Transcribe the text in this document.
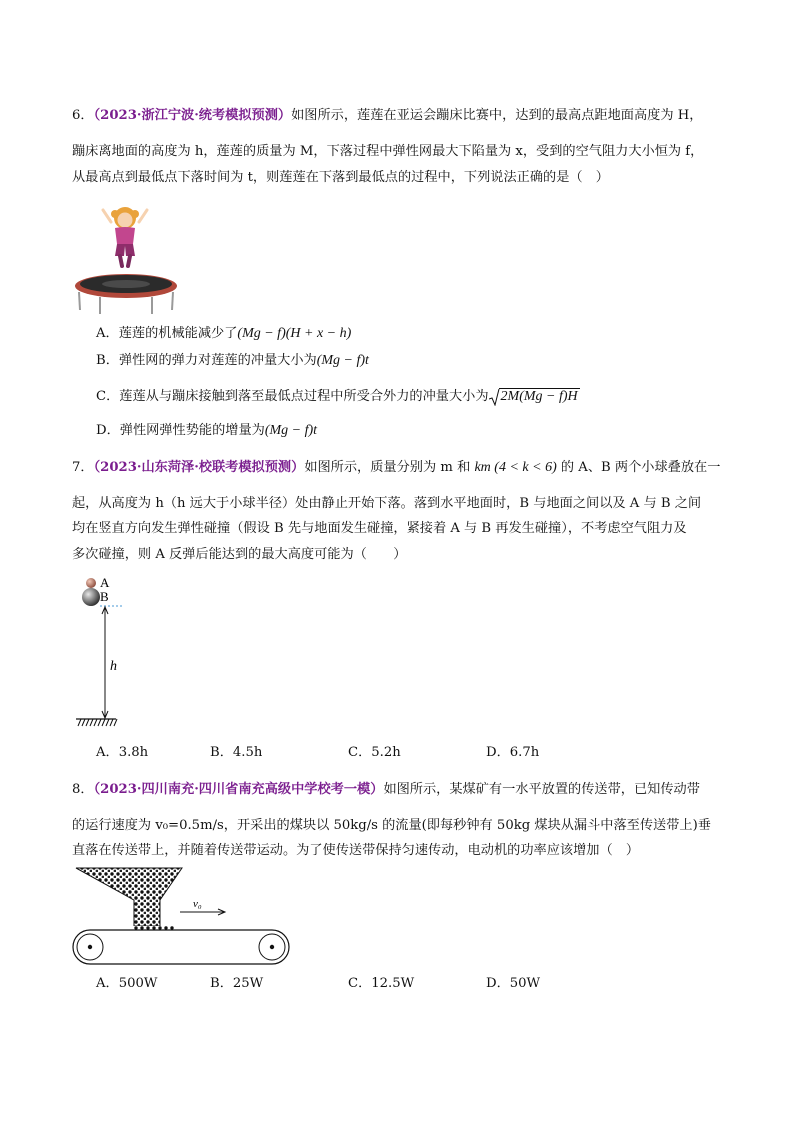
6．（2023·浙江宁波·统考模拟预测）如图所示，莲莲在亚运会蹦床比赛中，达到的最高点距地面高度为 H，
蹦床离地面的高度为 h，莲莲的质量为 M，下落过程中弹性网最大下陷量为 x，受到的空气阻力大小恒为 f，
从最高点到最低点下落时间为 t，则莲莲在下落到最低点的过程中，下列说法正确的是（　）
A．莲莲的机械能减少了(Mg − f)(H + x − h)
B．弹性网的弹力对莲莲的冲量大小为(Mg − f)t
C．莲莲从与蹦床接触到落至最低点过程中所受合外力的冲量大小为 2M(Mg − f)H
D．弹性网弹性势能的增量为(Mg − f)t
7．（2023·山东菏泽·校联考模拟预测）如图所示，质量分别为 m 和 km (4 < k < 6) 的 A、B 两个小球叠放在一
起，从高度为 h（h 远大于小球半径）处由静止开始下落。落到水平地面时，B 与地面之间以及 A 与 B 之间
均在竖直方向发生弹性碰撞（假设 B 先与地面发生碰撞，紧接着 A 与 B 再发生碰撞），不考虑空气阻力及
多次碰撞，则 A 反弹后能达到的最大高度可能为（　　）
A
B
h
A．3.8h	B．4.5h	C．5.2h	D．6.7h
8．（2023·四川南充·四川省南充高级中学校考一模）如图所示，某煤矿有一水平放置的传送带，已知传动带
的运行速度为 v₀=0.5m/s，开采出的煤块以 50kg/s 的流量(即每秒钟有 50kg 煤块从漏斗中落至传送带上)垂
直落在传送带上，并随着传送带运动。为了使传送带保持匀速传动，电动机的功率应该增加（　）
v₀
A．500W	B．25W	C．12.5W	D．50W
